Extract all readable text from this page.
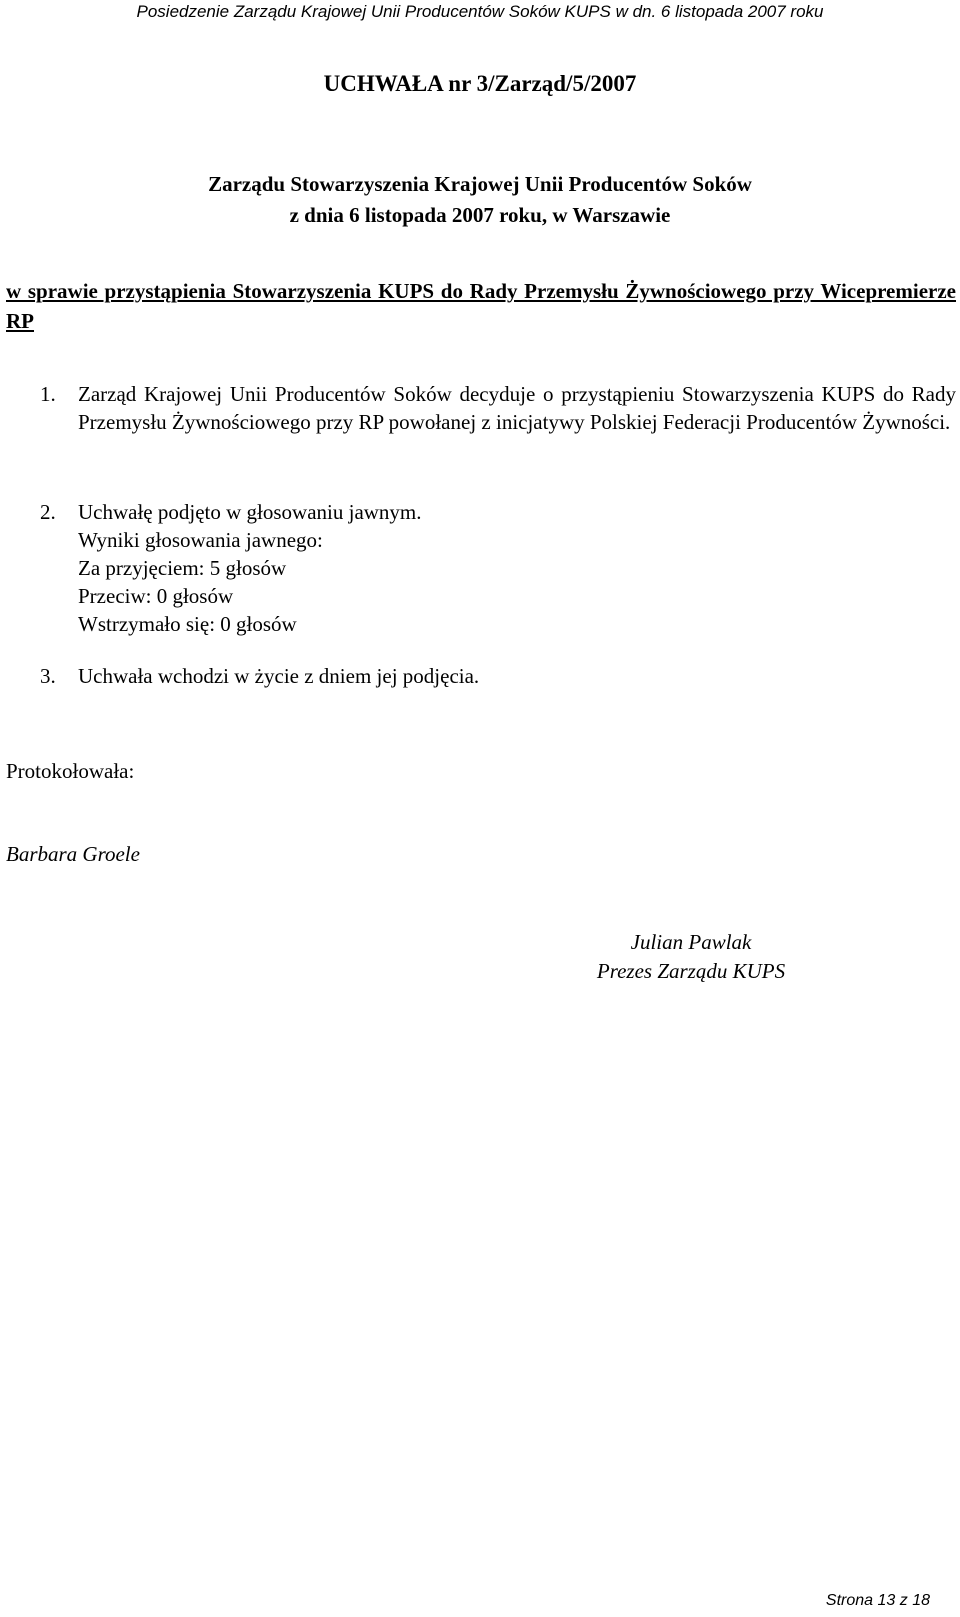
Posiedzenie Zarządu Krajowej Unii Producentów Soków KUPS w dn. 6 listopada 2007 roku
UCHWAŁA nr 3/Zarząd/5/2007
Zarządu Stowarzyszenia Krajowej Unii Producentów Soków
z dnia 6 listopada 2007 roku, w Warszawie
w sprawie przystąpienia Stowarzyszenia KUPS do Rady Przemysłu Żywnościowego przy Wicepremierze RP
1. Zarząd Krajowej Unii Producentów Soków decyduje o przystąpieniu Stowarzyszenia KUPS do Rady Przemysłu Żywnościowego przy RP powołanej z inicjatywy Polskiej Federacji Producentów Żywności.
2. Uchwałę podjęto w głosowaniu jawnym.
Wyniki głosowania jawnego:
Za przyjęciem: 5 głosów
Przeciw: 0 głosów
Wstrzymało się: 0 głosów
3. Uchwała wchodzi w życie z dniem jej podjęcia.
Protokołowała:
Barbara Groele
Julian Pawlak
Prezes Zarządu KUPS
Strona 13 z 18
